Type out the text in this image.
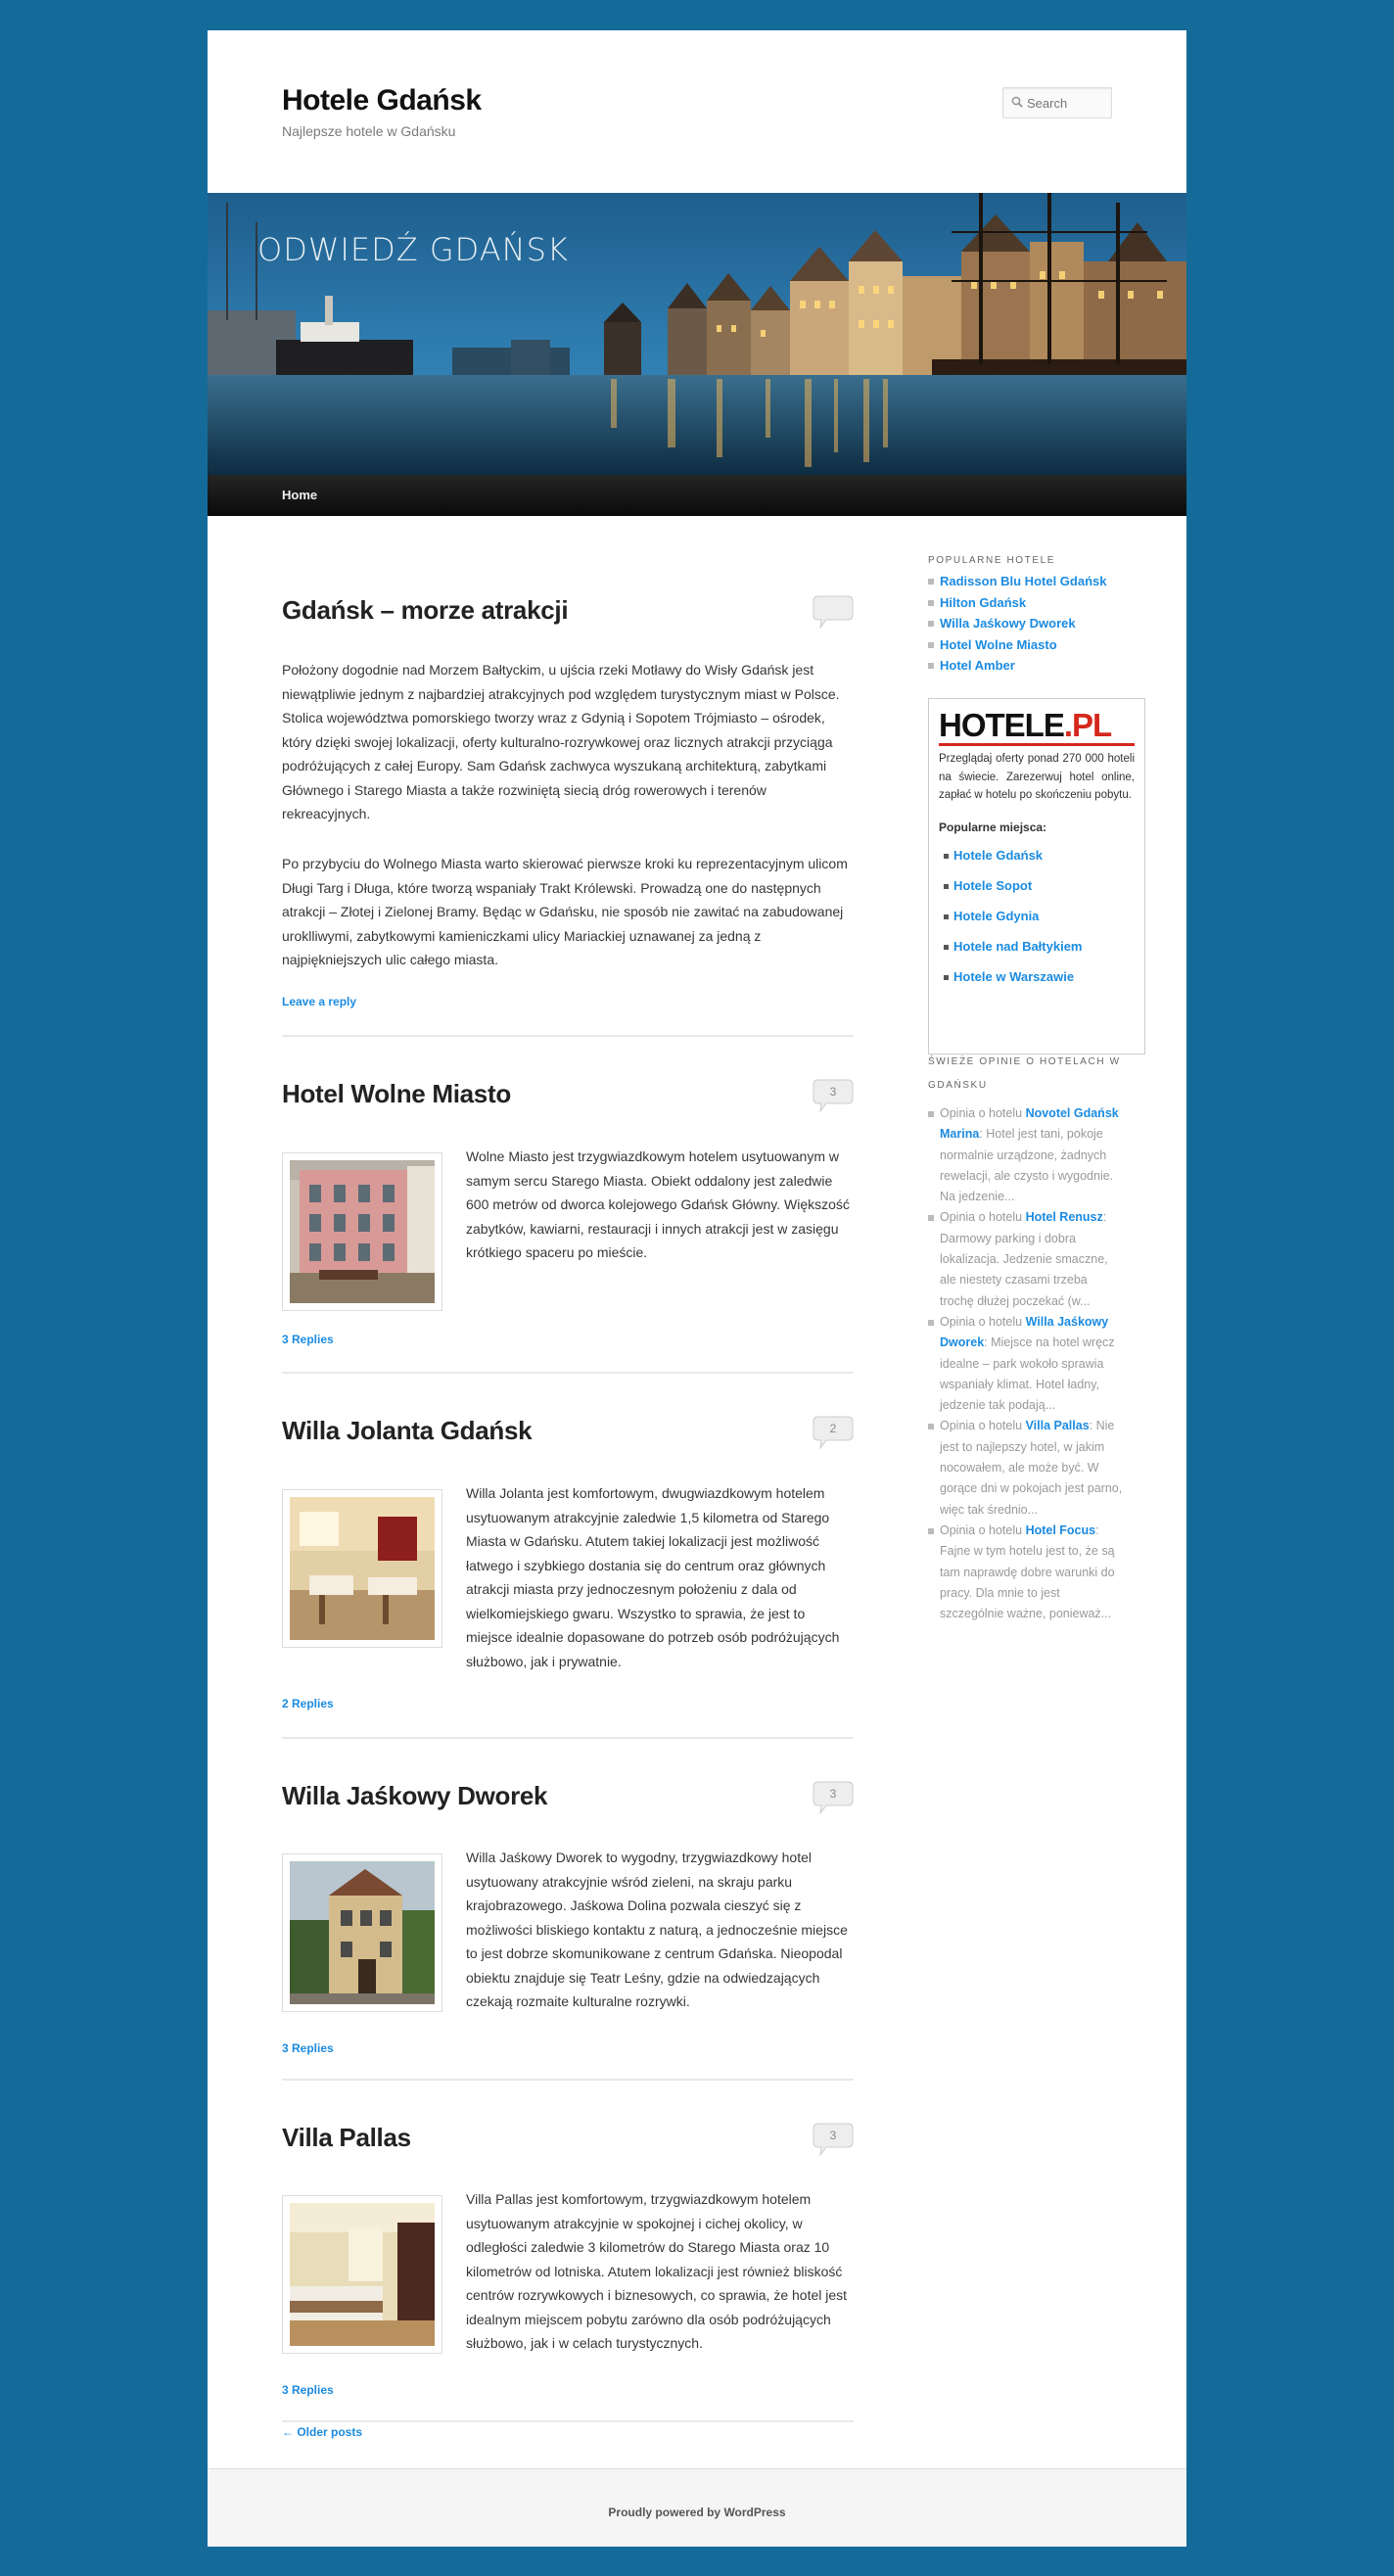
Hotele Gdańsk
Najlepsze hotele w Gdańsku
Search
ODWIEDŹ GDAŃSK
Home
Gdańsk – morze atrakcji

Położony dogodnie nad Morzem Bałtyckim, u ujścia rzeki Motławy do Wisły Gdańsk jest niewątpliwie jednym z najbardziej atrakcyjnych pod względem turystycznym miast w Polsce. Stolica województwa pomorskiego tworzy wraz z Gdynią i Sopotem Trójmiasto – ośrodek, który dzięki swojej lokalizacji, oferty kulturalno-rozrywkowej oraz licznych atrakcji przyciąga podróżujących z całej Europy. Sam Gdańsk zachwyca wyszukaną architekturą, zabytkami Głównego i Starego Miasta a także rozwiniętą siecią dróg rowerowych i terenów rekreacyjnych.

Po przybyciu do Wolnego Miasta warto skierować pierwsze kroki ku reprezentacyjnym ulicom Długi Targ i Długa, które tworzą wspaniały Trakt Królewski. Prowadzą one do następnych atrakcji – Złotej i Zielonej Bramy. Będąc w Gdańsku, nie sposób nie zawitać na zabudowanej uroklliwymi, zabytkowymi kamieniczkami ulicy Mariackiej uznawanej za jedną z najpiękniejszych ulic całego miasta.

Leave a reply
Hotel Wolne Miasto	3
Wolne Miasto jest trzygwiazdkowym hotelem usytuowanym w samym sercu Starego Miasta. Obiekt oddalony jest zaledwie 600 metrów od dworca kolejowego Gdańsk Główny. Większość zabytków, kawiarni, restauracji i innych atrakcji jest w zasięgu krótkiego spaceru po mieście.
3 Replies
Willa Jolanta Gdańsk	2
Willa Jolanta jest komfortowym, dwugwiazdkowym hotelem usytuowanym atrakcyjnie zaledwie 1,5 kilometra od Starego Miasta w Gdańsku. Atutem takiej lokalizacji jest możliwość łatwego i szybkiego dostania się do centrum oraz głównych atrakcji miasta przy jednoczesnym położeniu z dala od wielkomiejskiego gwaru. Wszystko to sprawia, że jest to miejsce idealnie dopasowane do potrzeb osób podróżujących służbowo, jak i prywatnie.
2 Replies
Willa Jaśkowy Dworek	3
Willa Jaśkowy Dworek to wygodny, trzygwiazdkowy hotel usytuowany atrakcyjnie wśród zieleni, na skraju parku krajobrazowego. Jaśkowa Dolina pozwala cieszyć się z możliwości bliskiego kontaktu z naturą, a jednocześnie miejsce to jest dobrze skomunikowane z centrum Gdańska. Nieopodal obiektu znajduje się Teatr Leśny, gdzie na odwiedzających czekają rozmaite kulturalne rozrywki.
3 Replies
Villa Pallas	3
Villa Pallas jest komfortowym, trzygwiazdkowym hotelem usytuowanym atrakcyjnie w spokojnej i cichej okolicy, w odległości zaledwie 3 kilometrów do Starego Miasta oraz 10 kilometrów od lotniska. Atutem lokalizacji jest również bliskość centrów rozrywkowych i biznesowych, co sprawia, że hotel jest idealnym miejscem pobytu zarówno dla osób podróżujących służbowo, jak i w celach turystycznych.
3 Replies
← Older posts
POPULARNE HOTELE
Radisson Blu Hotel Gdańsk
Hilton Gdańsk
Willa Jaśkowy Dworek
Hotel Wolne Miasto
Hotel Amber
HOTELE.PL
Przeglądaj oferty ponad 270 000 hoteli na świecie. Zarezerwuj hotel online, zapłać w hotelu po skończeniu pobytu.
Popularne miejsca:
Hotele Gdańsk
Hotele Sopot
Hotele Gdynia
Hotele nad Bałtykiem
Hotele w Warszawie
ŚWIEŻE OPINIE O HOTELACH W GDAŃSKU
Opinia o hotelu Novotel Gdańsk Marina: Hotel jest tani, pokoje normalnie urządzone, żadnych rewelacji, ale czysto i wygodnie. Na jedzenie...
Opinia o hotelu Hotel Renusz: Darmowy parking i dobra lokalizacja. Jedzenie smaczne, ale niestety czasami trzeba trochę dłużej poczekać (w...
Opinia o hotelu Willa Jaśkowy Dworek: Miejsce na hotel wręcz idealne – park wokoło sprawia wspaniały klimat. Hotel ładny, jedzenie tak podają...
Opinia o hotelu Villa Pallas: Nie jest to najlepszy hotel, w jakim nocowałem, ale może być. W gorące dni w pokojach jest parno, więc tak średnio...
Opinia o hotelu Hotel Focus: Fajne w tym hotelu jest to, że są tam naprawdę dobre warunki do pracy. Dla mnie to jest szczególnie ważne, ponieważ...
Proudly powered by WordPress
